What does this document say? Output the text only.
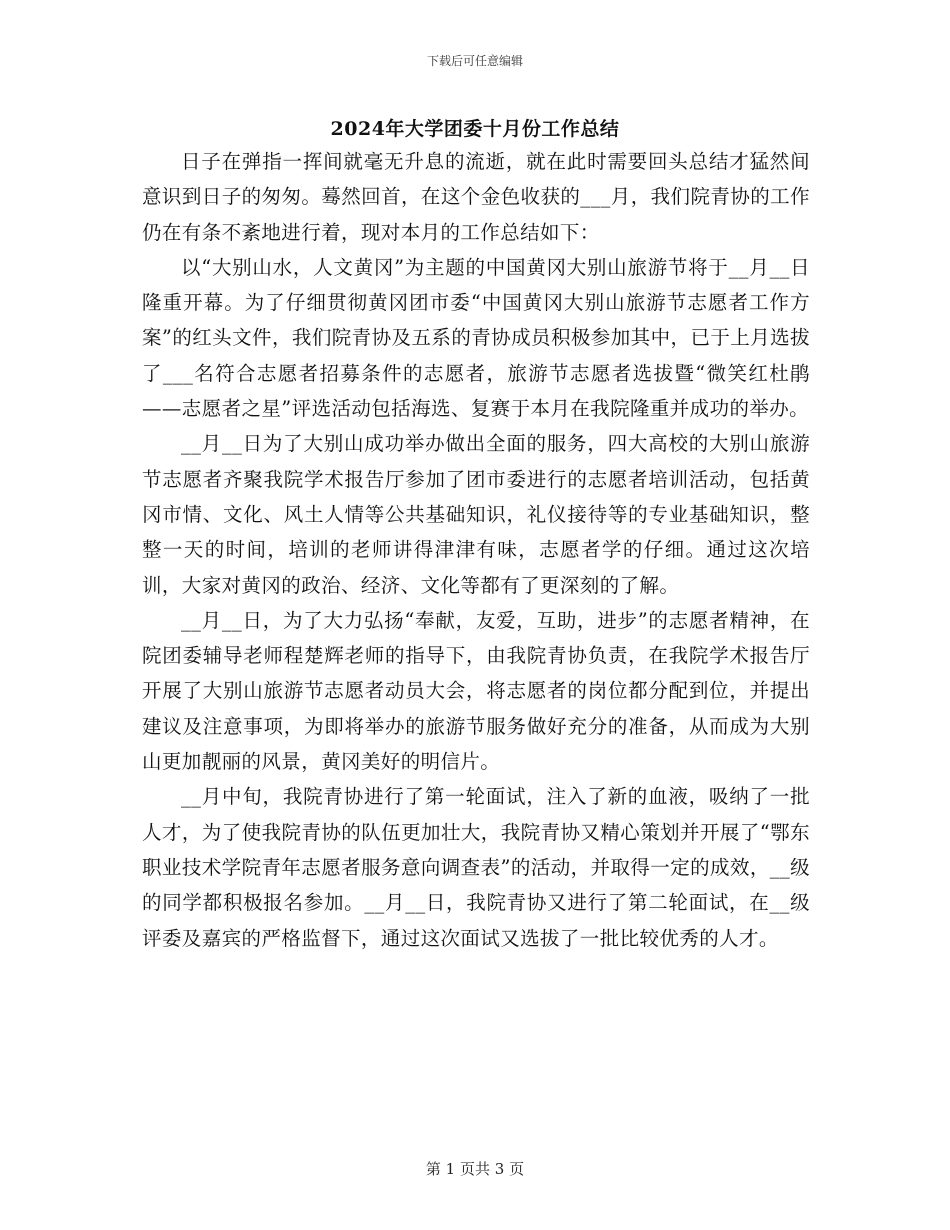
下载后可任意编辑
2024年大学团委十月份工作总结

日子在弹指一挥间就毫无升息的流逝，就在此时需要回头总结才猛然间意识到日子的匆匆。蓦然回首，在这个金色收获的___月，我们院青协的工作仍在有条不紊地进行着，现对本月的工作总结如下：

以“大别山水，人文黄冈”为主题的中国黄冈大别山旅游节将于__月__日隆重开幕。为了仔细贯彻黄冈团市委“中国黄冈大别山旅游节志愿者工作方案”的红头文件，我们院青协及五系的青协成员积极参加其中，已于上月选拔了___名符合志愿者招募条件的志愿者，旅游节志愿者选拔暨“微笑红杜鹃——志愿者之星”评选活动包括海选、复赛于本月在我院隆重并成功的举办。

__月__日为了大别山成功举办做出全面的服务，四大高校的大别山旅游节志愿者齐聚我院学术报告厅参加了团市委进行的志愿者培训活动，包括黄冈市情、文化、风土人情等公共基础知识，礼仪接待等的专业基础知识，整整一天的时间，培训的老师讲得津津有味，志愿者学的仔细。通过这次培训，大家对黄冈的政治、经济、文化等都有了更深刻的了解。

__月__日，为了大力弘扬“奉献，友爱，互助，进步”的志愿者精神，在院团委辅导老师程楚辉老师的指导下，由我院青协负责，在我院学术报告厅开展了大别山旅游节志愿者动员大会，将志愿者的岗位都分配到位，并提出建议及注意事项，为即将举办的旅游节服务做好充分的准备，从而成为大别山更加靓丽的风景，黄冈美好的明信片。

__月中旬，我院青协进行了第一轮面试，注入了新的血液，吸纳了一批人才，为了使我院青协的队伍更加壮大，我院青协又精心策划并开展了“鄂东职业技术学院青年志愿者服务意向调查表”的活动，并取得一定的成效，__级的同学都积极报名参加。__月__日，我院青协又进行了第二轮面试，在__级评委及嘉宾的严格监督下，通过这次面试又选拔了一批比较优秀的人才。

第 1 页共 3 页
